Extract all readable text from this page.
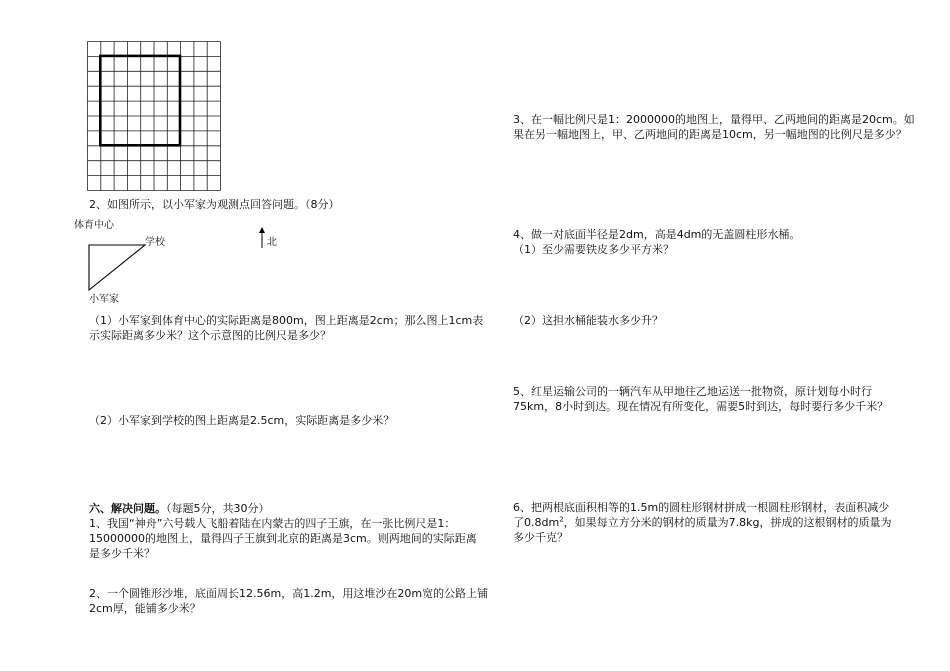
2、如图所示，以小军家为观测点回答问题。（8分）
体育中心
学校
小军家
北
（1）小军家到体育中心的实际距离是800m，图上距离是2cm；那么图上1cm表
示实际距离多少米？这个示意图的比例尺是多少？
（2）小军家到学校的图上距离是2.5cm，实际距离是多少米？
六、解决问题。（每题5分，共30分）
1、我国“神舟”六号载人飞船着陆在内蒙古的四子王旗，在一张比例尺是1：
15000000的地图上，量得四子王旗到北京的距离是3cm。则两地间的实际距离
是多少千米？
2、一个圆锥形沙堆，底面周长12.56m，高1.2m，用这堆沙在20m宽的公路上铺
2cm厚，能铺多少米？
3、在一幅比例尺是1：2000000的地图上，量得甲、乙两地间的距离是20cm。如
果在另一幅地图上，甲、乙两地间的距离是10cm，另一幅地图的比例尺是多少？
4、做一对底面半径是2dm，高是4dm的无盖圆柱形水桶。
（1）至少需要铁皮多少平方米？
（2）这担水桶能装水多少升？
5、红星运输公司的一辆汽车从甲地往乙地运送一批物资，原计划每小时行
75km，8小时到达。现在情况有所变化，需要5时到达，每时要行多少千米？
6、把两根底面积相等的1.5m的圆柱形钢材拼成一根圆柱形钢材，表面积减少
了$0.8dm^2$，如果每立方分米的钢材的质量为7.8kg，拼成的这根钢材的质量为
多少千克？
